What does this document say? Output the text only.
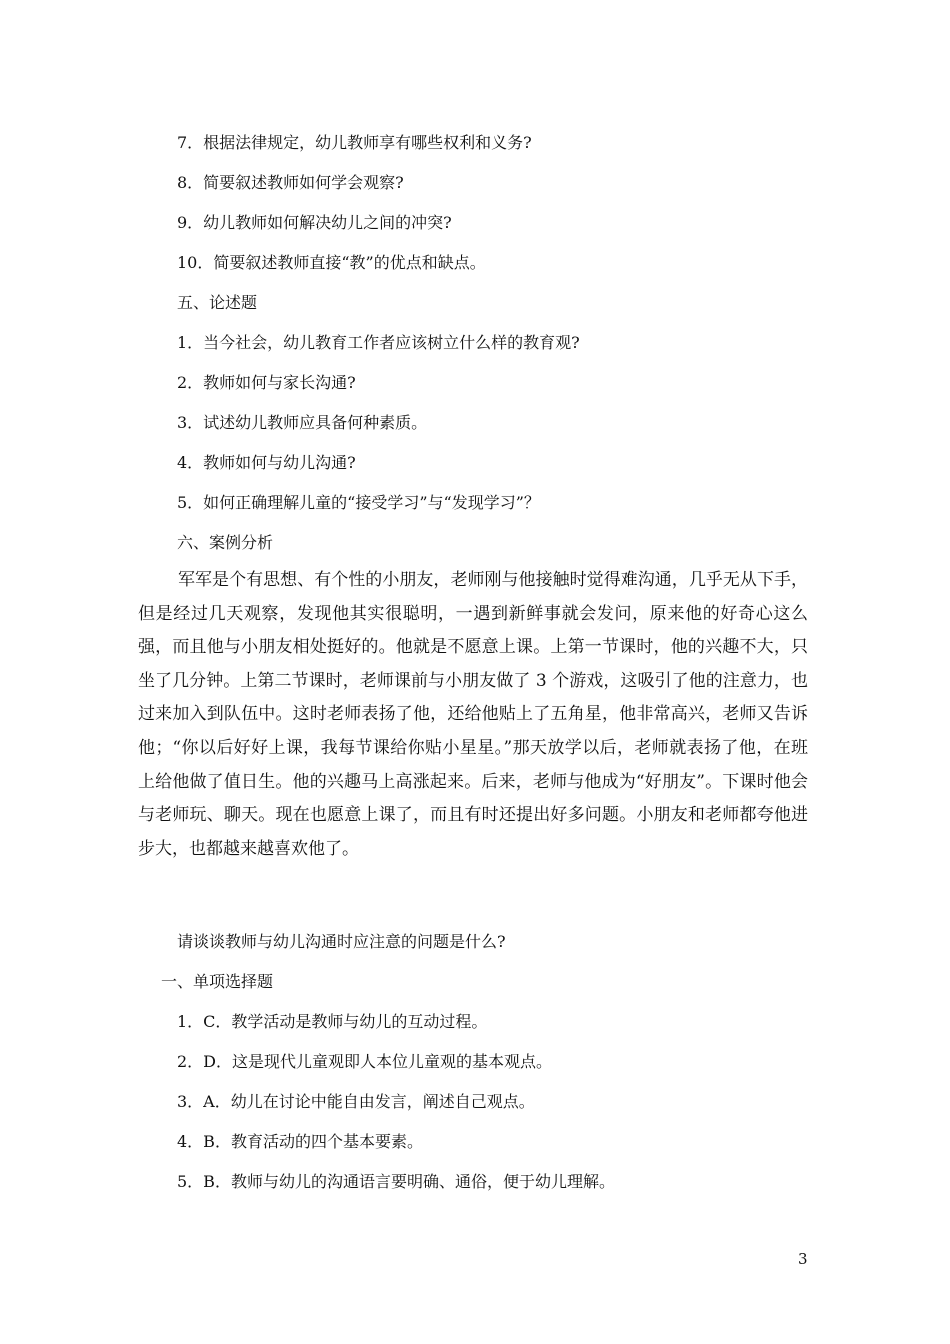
7．根据法律规定，幼儿教师享有哪些权利和义务?
8．简要叙述教师如何学会观察?
9．幼儿教师如何解决幼儿之间的冲突?
10．简要叙述教师直接“教”的优点和缺点。
五、论述题
1．当今社会，幼儿教育工作者应该树立什么样的教育观?
2．教师如何与家长沟通?
3．试述幼儿教师应具备何种素质。
4．教师如何与幼儿沟通?
5．如何正确理解儿童的“接受学习”与“发现学习”？
六、案例分析
军军是个有思想、有个性的小朋友，老师刚与他接触时觉得难沟通，几乎无从下手，但是经过几天观察，发现他其实很聪明，一遇到新鲜事就会发问，原来他的好奇心这么强，而且他与小朋友相处挺好的。他就是不愿意上课。上第一节课时，他的兴趣不大，只坐了几分钟。上第二节课时，老师课前与小朋友做了 3 个游戏，这吸引了他的注意力，也过来加入到队伍中。这时老师表扬了他，还给他贴上了五角星，他非常高兴，老师又告诉他；“你以后好好上课，我每节课给你贴小星星。”那天放学以后，老师就表扬了他，在班上给他做了值日生。他的兴趣马上高涨起来。后来，老师与他成为“好朋友”。下课时他会与老师玩、聊天。现在也愿意上课了，而且有时还提出好多问题。小朋友和老师都夸他进步大，也都越来越喜欢他了。
请谈谈教师与幼儿沟通时应注意的问题是什么?
一、单项选择题
1．C．教学活动是教师与幼儿的互动过程。
2．D．这是现代儿童观即人本位儿童观的基本观点。
3．A．幼儿在讨论中能自由发言，阐述自己观点。
4．B．教育活动的四个基本要素。
5．B．教师与幼儿的沟通语言要明确、通俗，便于幼儿理解。
3
